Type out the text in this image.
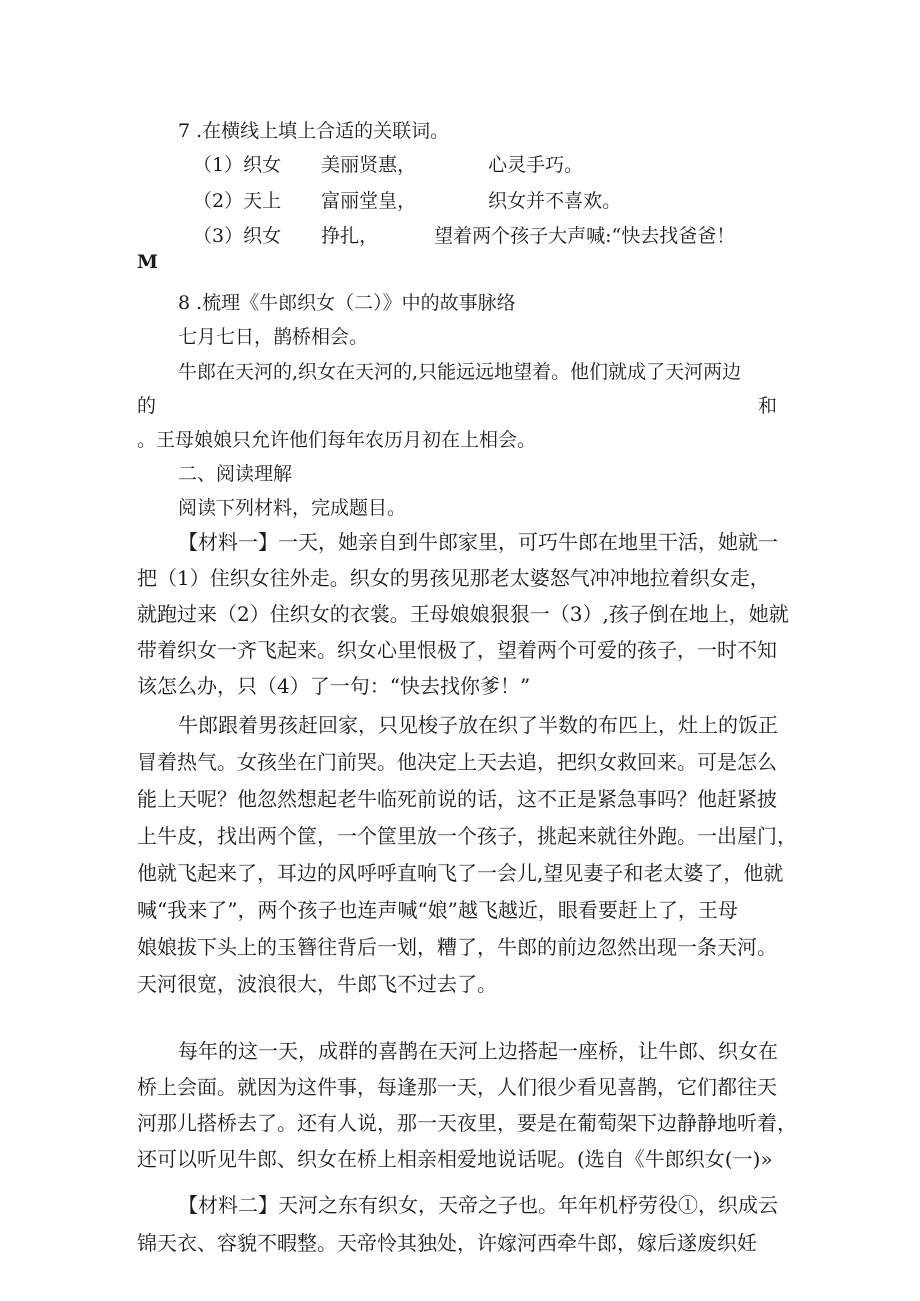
7 .在横线上填上合适的关联词。
（1）织女 美丽贤惠，	心灵手巧。
（2）天上 富丽堂皇，	织女并不喜欢。
（3）织女 挣扎，	望着两个孩子大声喊:“快去找爸爸！
M
8 .梳理《牛郎织女（二）》中的故事脉络
七月七日，鹊桥相会。
牛郎在天河的,织女在天河的,只能远远地望着。他们就成了天河两边
的	和
。王母娘娘只允许他们每年农历月初在上相会。
二、阅读理解
阅读下列材料，完成题目。
【材料一】一天，她亲自到牛郎家里，可巧牛郎在地里干活，她就一
把（1）住织女往外走。织女的男孩见那老太婆怒气冲冲地拉着织女走，
就跑过来（2）住织女的衣裳。王母娘娘狠狠一（3）,孩子倒在地上，她就
带着织女一齐飞起来。织女心里恨极了，望着两个可爱的孩子，一时不知
该怎么办，只（4）了一句：“快去找你爹！”
牛郎跟着男孩赶回家，只见梭子放在织了半数的布匹上，灶上的饭正
冒着热气。女孩坐在门前哭。他决定上天去追，把织女救回来。可是怎么
能上天呢？他忽然想起老牛临死前说的话，这不正是紧急事吗？他赶紧披
上牛皮，找出两个筐，一个筐里放一个孩子，挑起来就往外跑。一出屋门，
他就飞起来了，耳边的风呼呼直响飞了一会儿,望见妻子和老太婆了，他就
喊“我来了”，两个孩子也连声喊“娘”越飞越近，眼看要赶上了，王母
娘娘拔下头上的玉簪往背后一划，糟了，牛郎的前边忽然出现一条天河。
天河很宽，波浪很大，牛郎飞不过去了。
每年的这一天，成群的喜鹊在天河上边搭起一座桥，让牛郎、织女在
桥上会面。就因为这件事，每逢那一天，人们很少看见喜鹊，它们都往天
河那儿搭桥去了。还有人说，那一天夜里，要是在葡萄架下边静静地听着，
还可以听见牛郎、织女在桥上相亲相爱地说话呢。(选自《牛郎织女(一)»
【材料二】天河之东有织女，天帝之子也。年年机杼劳役①，织成云
锦天衣、容貌不暇整。天帝怜其独处，许嫁河西牵牛郎，嫁后遂废织妊
